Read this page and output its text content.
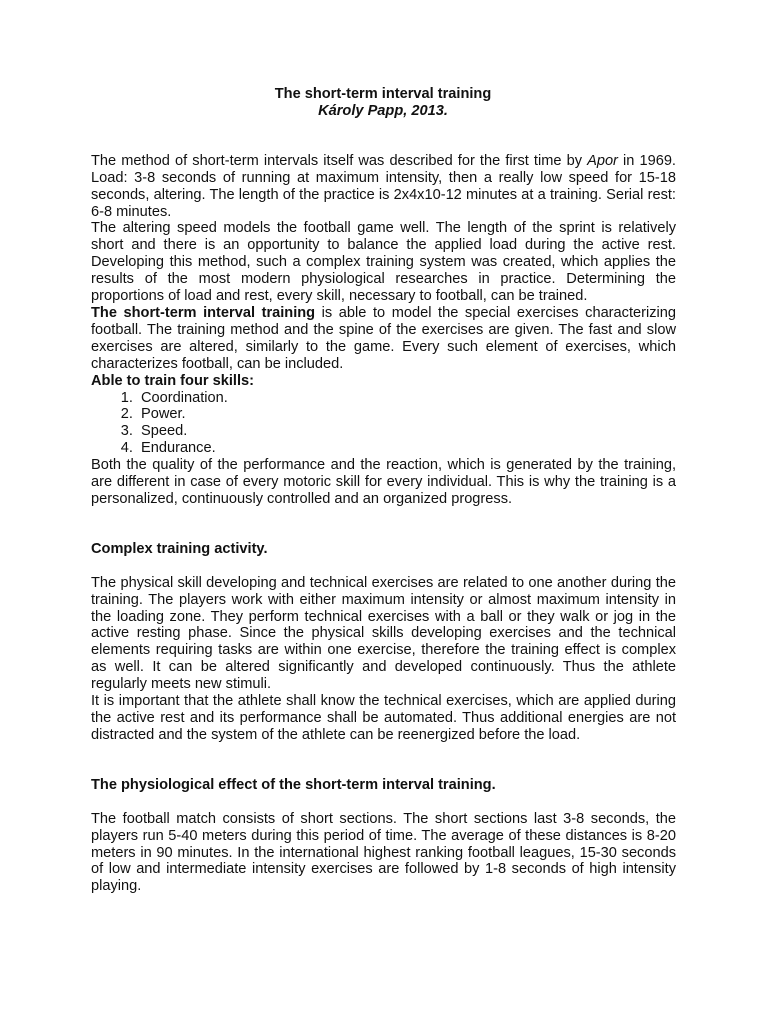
The short-term interval training
Károly Papp, 2013.

The method of short-term intervals itself was described for the first time by Apor in 1969. Load: 3-8 seconds of running at maximum intensity, then a really low speed for 15-18 seconds, altering. The length of the practice is 2x4x10-12 minutes at a training. Serial rest: 6-8 minutes.

The altering speed models the football game well. The length of the sprint is relatively short and there is an opportunity to balance the applied load during the active rest. Developing this method, such a complex training system was created, which applies the results of the most modern physiological researches in practice. Determining the proportions of load and rest, every skill, necessary to football, can be trained.

The short-term interval training is able to model the special exercises characterizing football. The training method and the spine of the exercises are given. The fast and slow exercises are altered, similarly to the game. Every such element of exercises, which characterizes football, can be included.

Able to train four skills:
1. Coordination.
2. Power.
3. Speed.
4. Endurance.

Both the quality of the performance and the reaction, which is generated by the training, are different in case of every motoric skill for every individual. This is why the training is a personalized, continuously controlled and an organized progress.

Complex training activity.

The physical skill developing and technical exercises are related to one another during the training. The players work with either maximum intensity or almost maximum intensity in the loading zone. They perform technical exercises with a ball or they walk or jog in the active resting phase. Since the physical skills developing exercises and the technical elements requiring tasks are within one exercise, therefore the training effect is complex as well. It can be altered significantly and developed continuously. Thus the athlete regularly meets new stimuli.

It is important that the athlete shall know the technical exercises, which are applied during the active rest and its performance shall be automated. Thus additional energies are not distracted and the system of the athlete can be reenergized before the load.

The physiological effect of the short-term interval training.

The football match consists of short sections. The short sections last 3-8 seconds, the players run 5-40 meters during this period of time. The average of these distances is 8-20 meters in 90 minutes. In the international highest ranking football leagues, 15-30 seconds of low and intermediate intensity exercises are followed by 1-8 seconds of high intensity playing.
